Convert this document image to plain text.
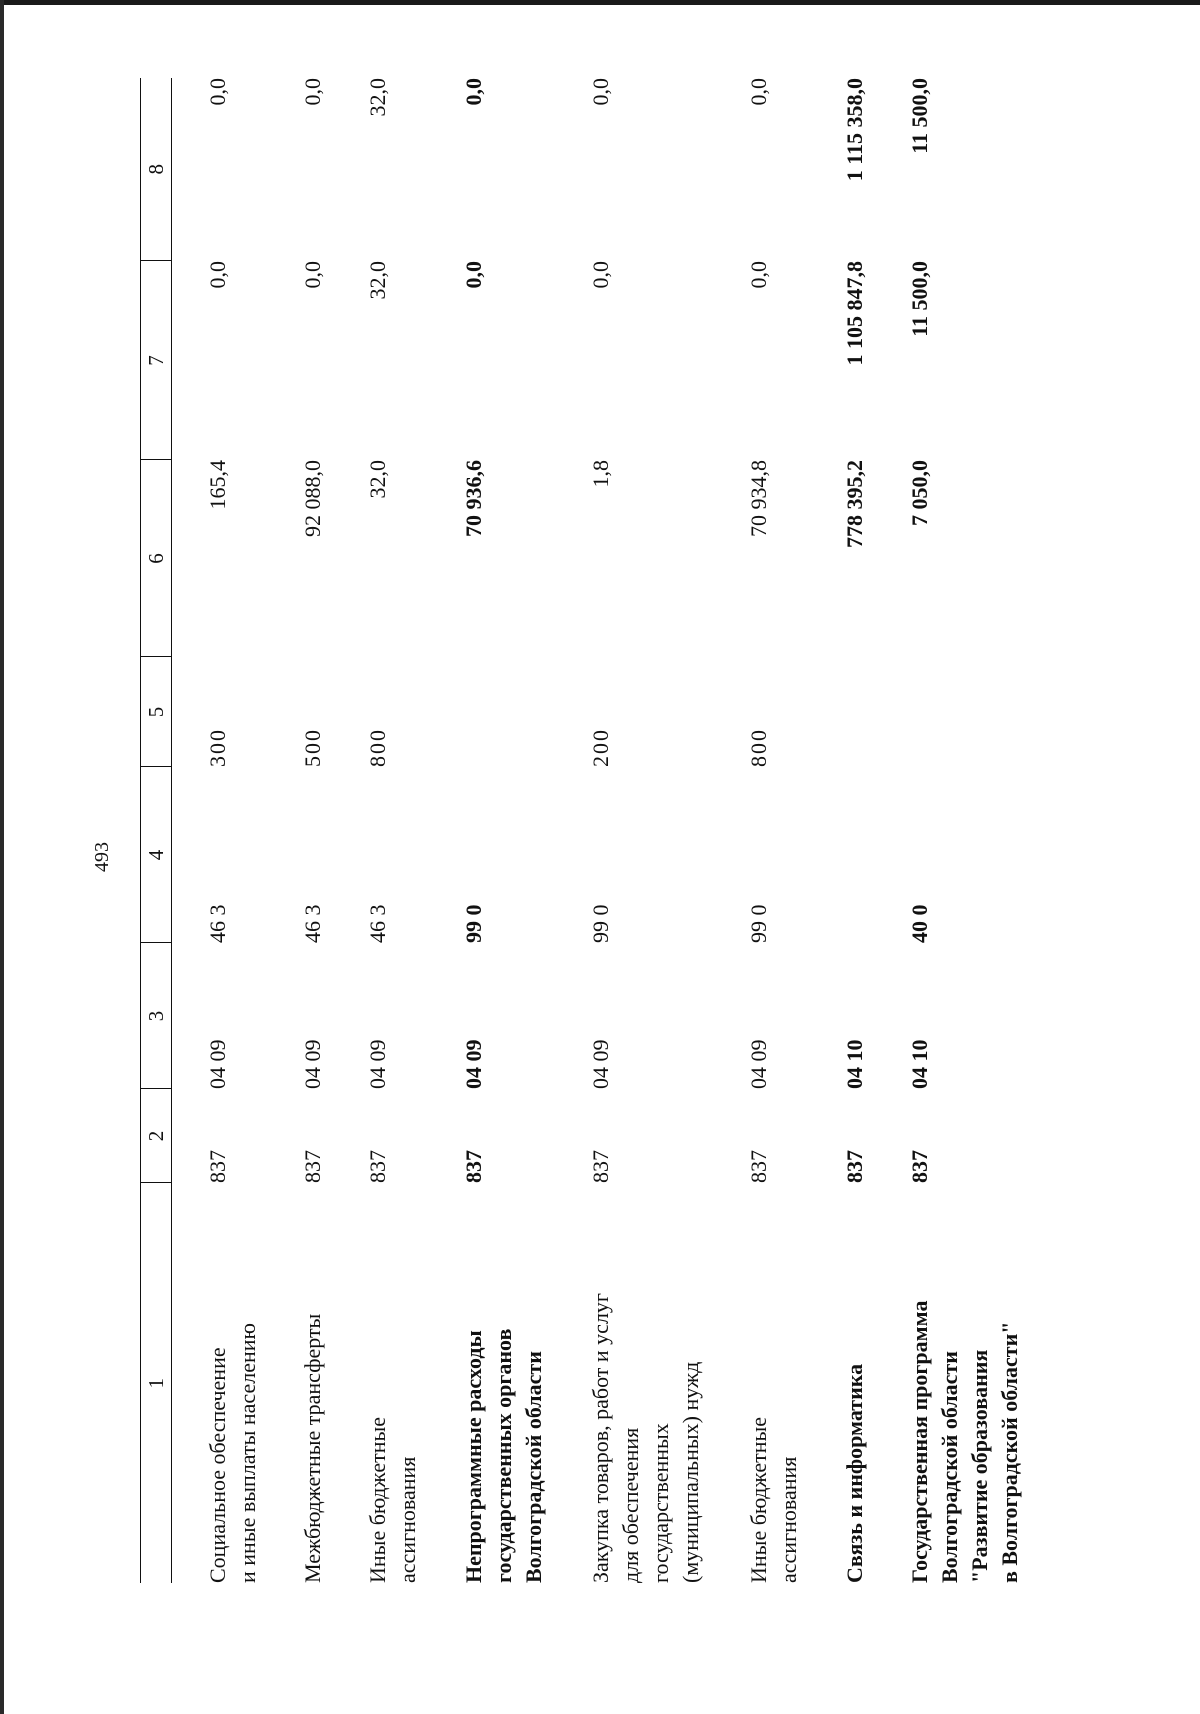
493
1	2	3	4	5	6	7	8
Социальное обеспечение и иные выплаты населению	837	04 09	46 3	300	165,4	0,0	0,0
Межбюджетные трансферты	837	04 09	46 3	500	92 088,0	0,0	0,0
Иные бюджетные ассигнования	837	04 09	46 3	800	32,0	32,0	32,0
Непрограммные расходы государственных органов Волгоградской области	837	04 09	99 0		70 936,6	0,0	0,0
Закупка товаров, работ и услуг для обеспечения государственных (муниципальных) нужд	837	04 09	99 0	200	1,8	0,0	0,0
Иные бюджетные ассигнования	837	04 09	99 0	800	70 934,8	0,0	0,0
Связь и информатика	837	04 10			778 395,2	1 105 847,8	1 115 358,0
Государственная программа Волгоградской области "Развитие образования в Волгоградской области"	837	04 10	40 0		7 050,0	11 500,0	11 500,0
